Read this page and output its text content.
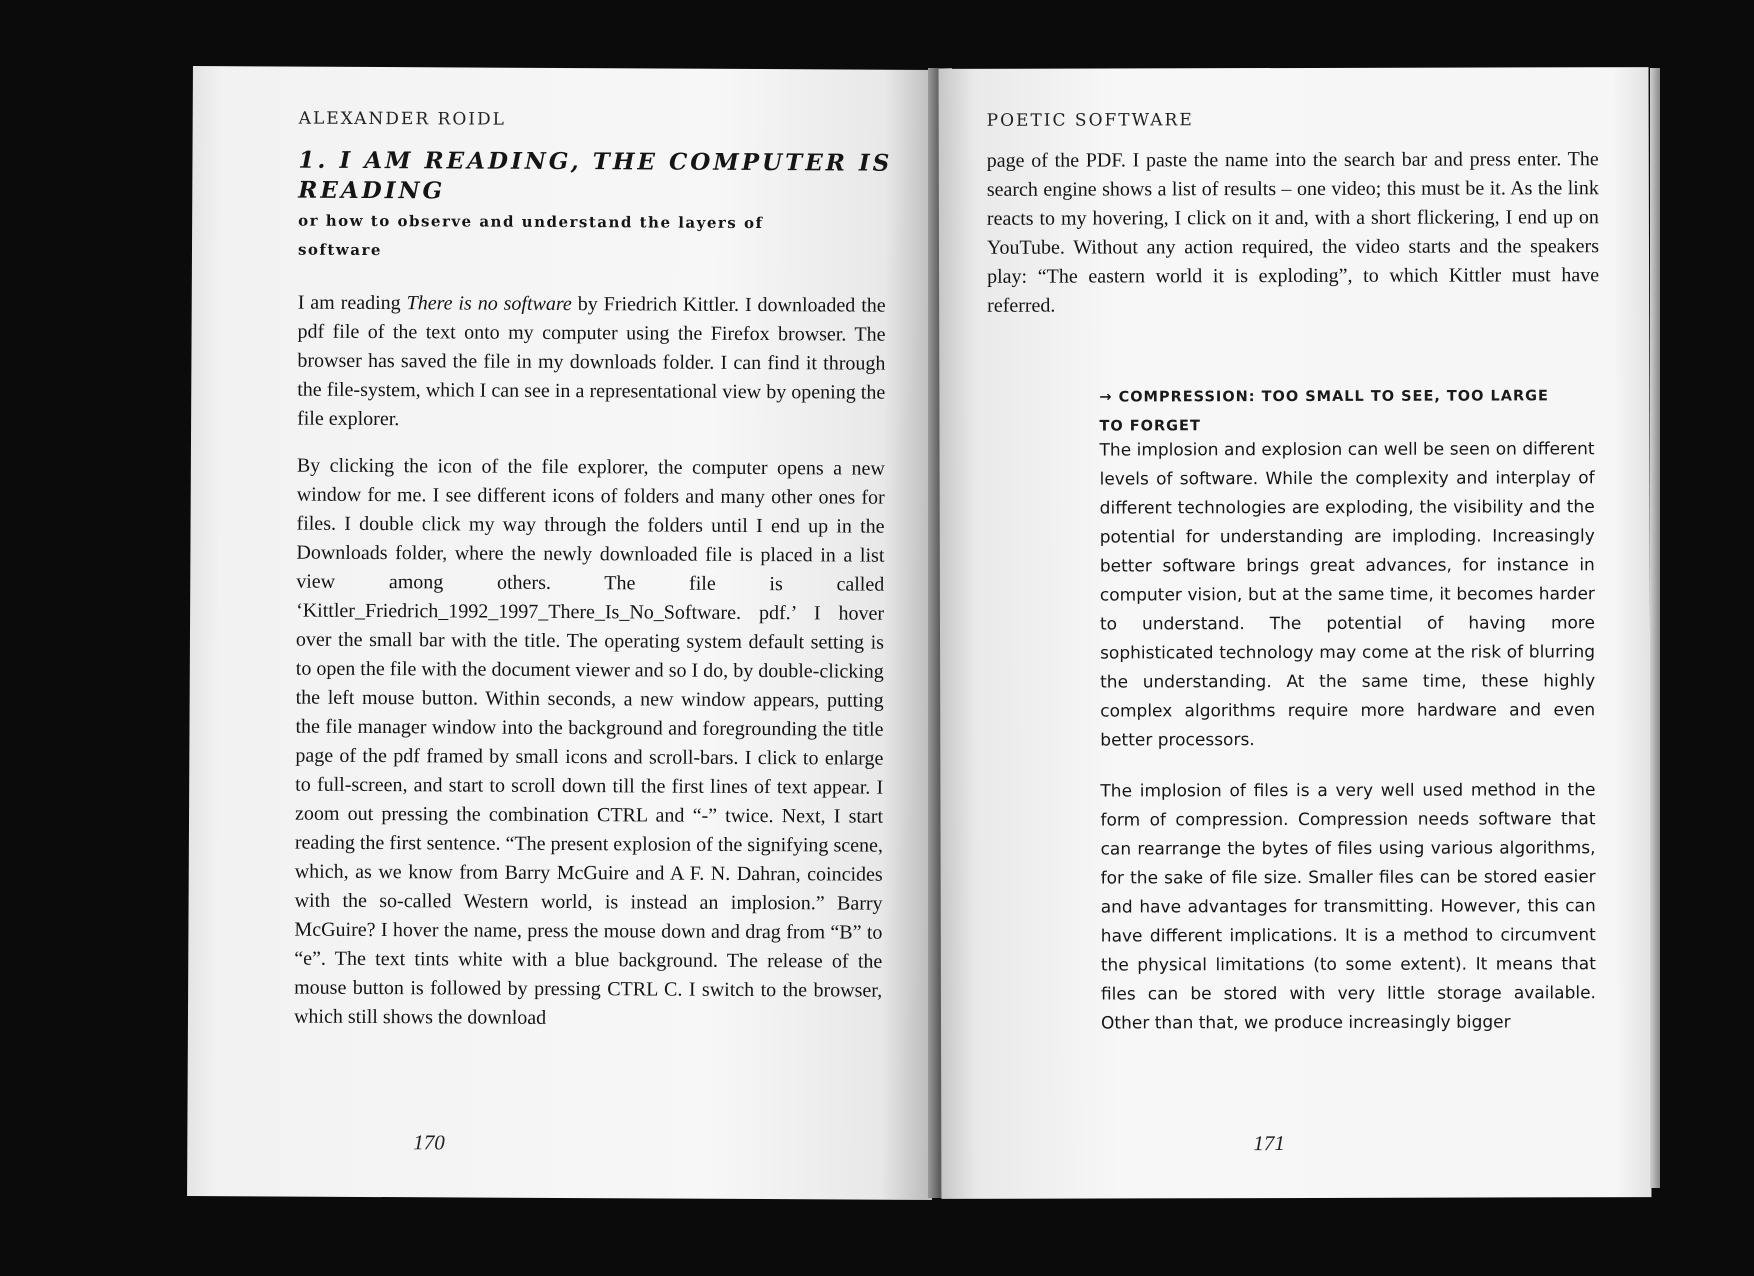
ALEXANDER ROIDL
1. I AM READING, THE COMPUTER IS READING
or how to observe and understand the layers of software

I am reading There is no software by Friedrich Kittler. I downloaded the pdf file of the text onto my computer using the Firefox browser. The browser has saved the file in my downloads folder. I can find it through the file-system, which I can see in a representational view by opening the file explorer.

By clicking the icon of the file explorer, the computer opens a new window for me. I see different icons of folders and many other ones for files. I double click my way through the folders until I end up in the Downloads folder, where the newly downloaded file is placed in a list view among others. The file is called ‘Kittler_Friedrich_1992_1997_There_Is_No_Software. pdf.’ I hover over the small bar with the title. The operating system default setting is to open the file with the document viewer and so I do, by double-clicking the left mouse button. Within seconds, a new window appears, putting the file manager window into the background and foregrounding the title page of the pdf framed by small icons and scroll-bars. I click to enlarge to full-screen, and start to scroll down till the first lines of text appear. I zoom out pressing the combination CTRL and “-” twice. Next, I start reading the first sentence. “The present explosion of the signifying scene, which, as we know from Barry McGuire and A F. N. Dahran, coincides with the so-called Western world, is instead an implosion.” Barry McGuire? I hover the name, press the mouse down and drag from “B” to “e”. The text tints white with a blue background. The release of the mouse button is followed by pressing CTRL C. I switch to the browser, which still shows the download

170
POETIC SOFTWARE

page of the PDF. I paste the name into the search bar and press enter. The search engine shows a list of results – one video; this must be it. As the link reacts to my hovering, I click on it and, with a short flickering, I end up on YouTube. Without any action required, the video starts and the speakers play: “The eastern world it is exploding”, to which Kittler must have referred.

→ COMPRESSION: TOO SMALL TO SEE, TOO LARGE TO FORGET

The implosion and explosion can well be seen on different levels of software. While the complexity and interplay of different technologies are exploding, the visibility and the potential for understanding are imploding. Increasingly better software brings great advances, for instance in computer vision, but at the same time, it becomes harder to understand. The potential of having more sophisticated technology may come at the risk of blurring the understanding. At the same time, these highly complex algorithms require more hardware and even better processors.

The implosion of files is a very well used method in the form of compression. Compression needs software that can rearrange the bytes of files using various algorithms, for the sake of file size. Smaller files can be stored easier and have advantages for transmitting. However, this can have different implications. It is a method to circumvent the physical limitations (to some extent). It means that files can be stored with very little storage available. Other than that, we produce increasingly bigger

171
